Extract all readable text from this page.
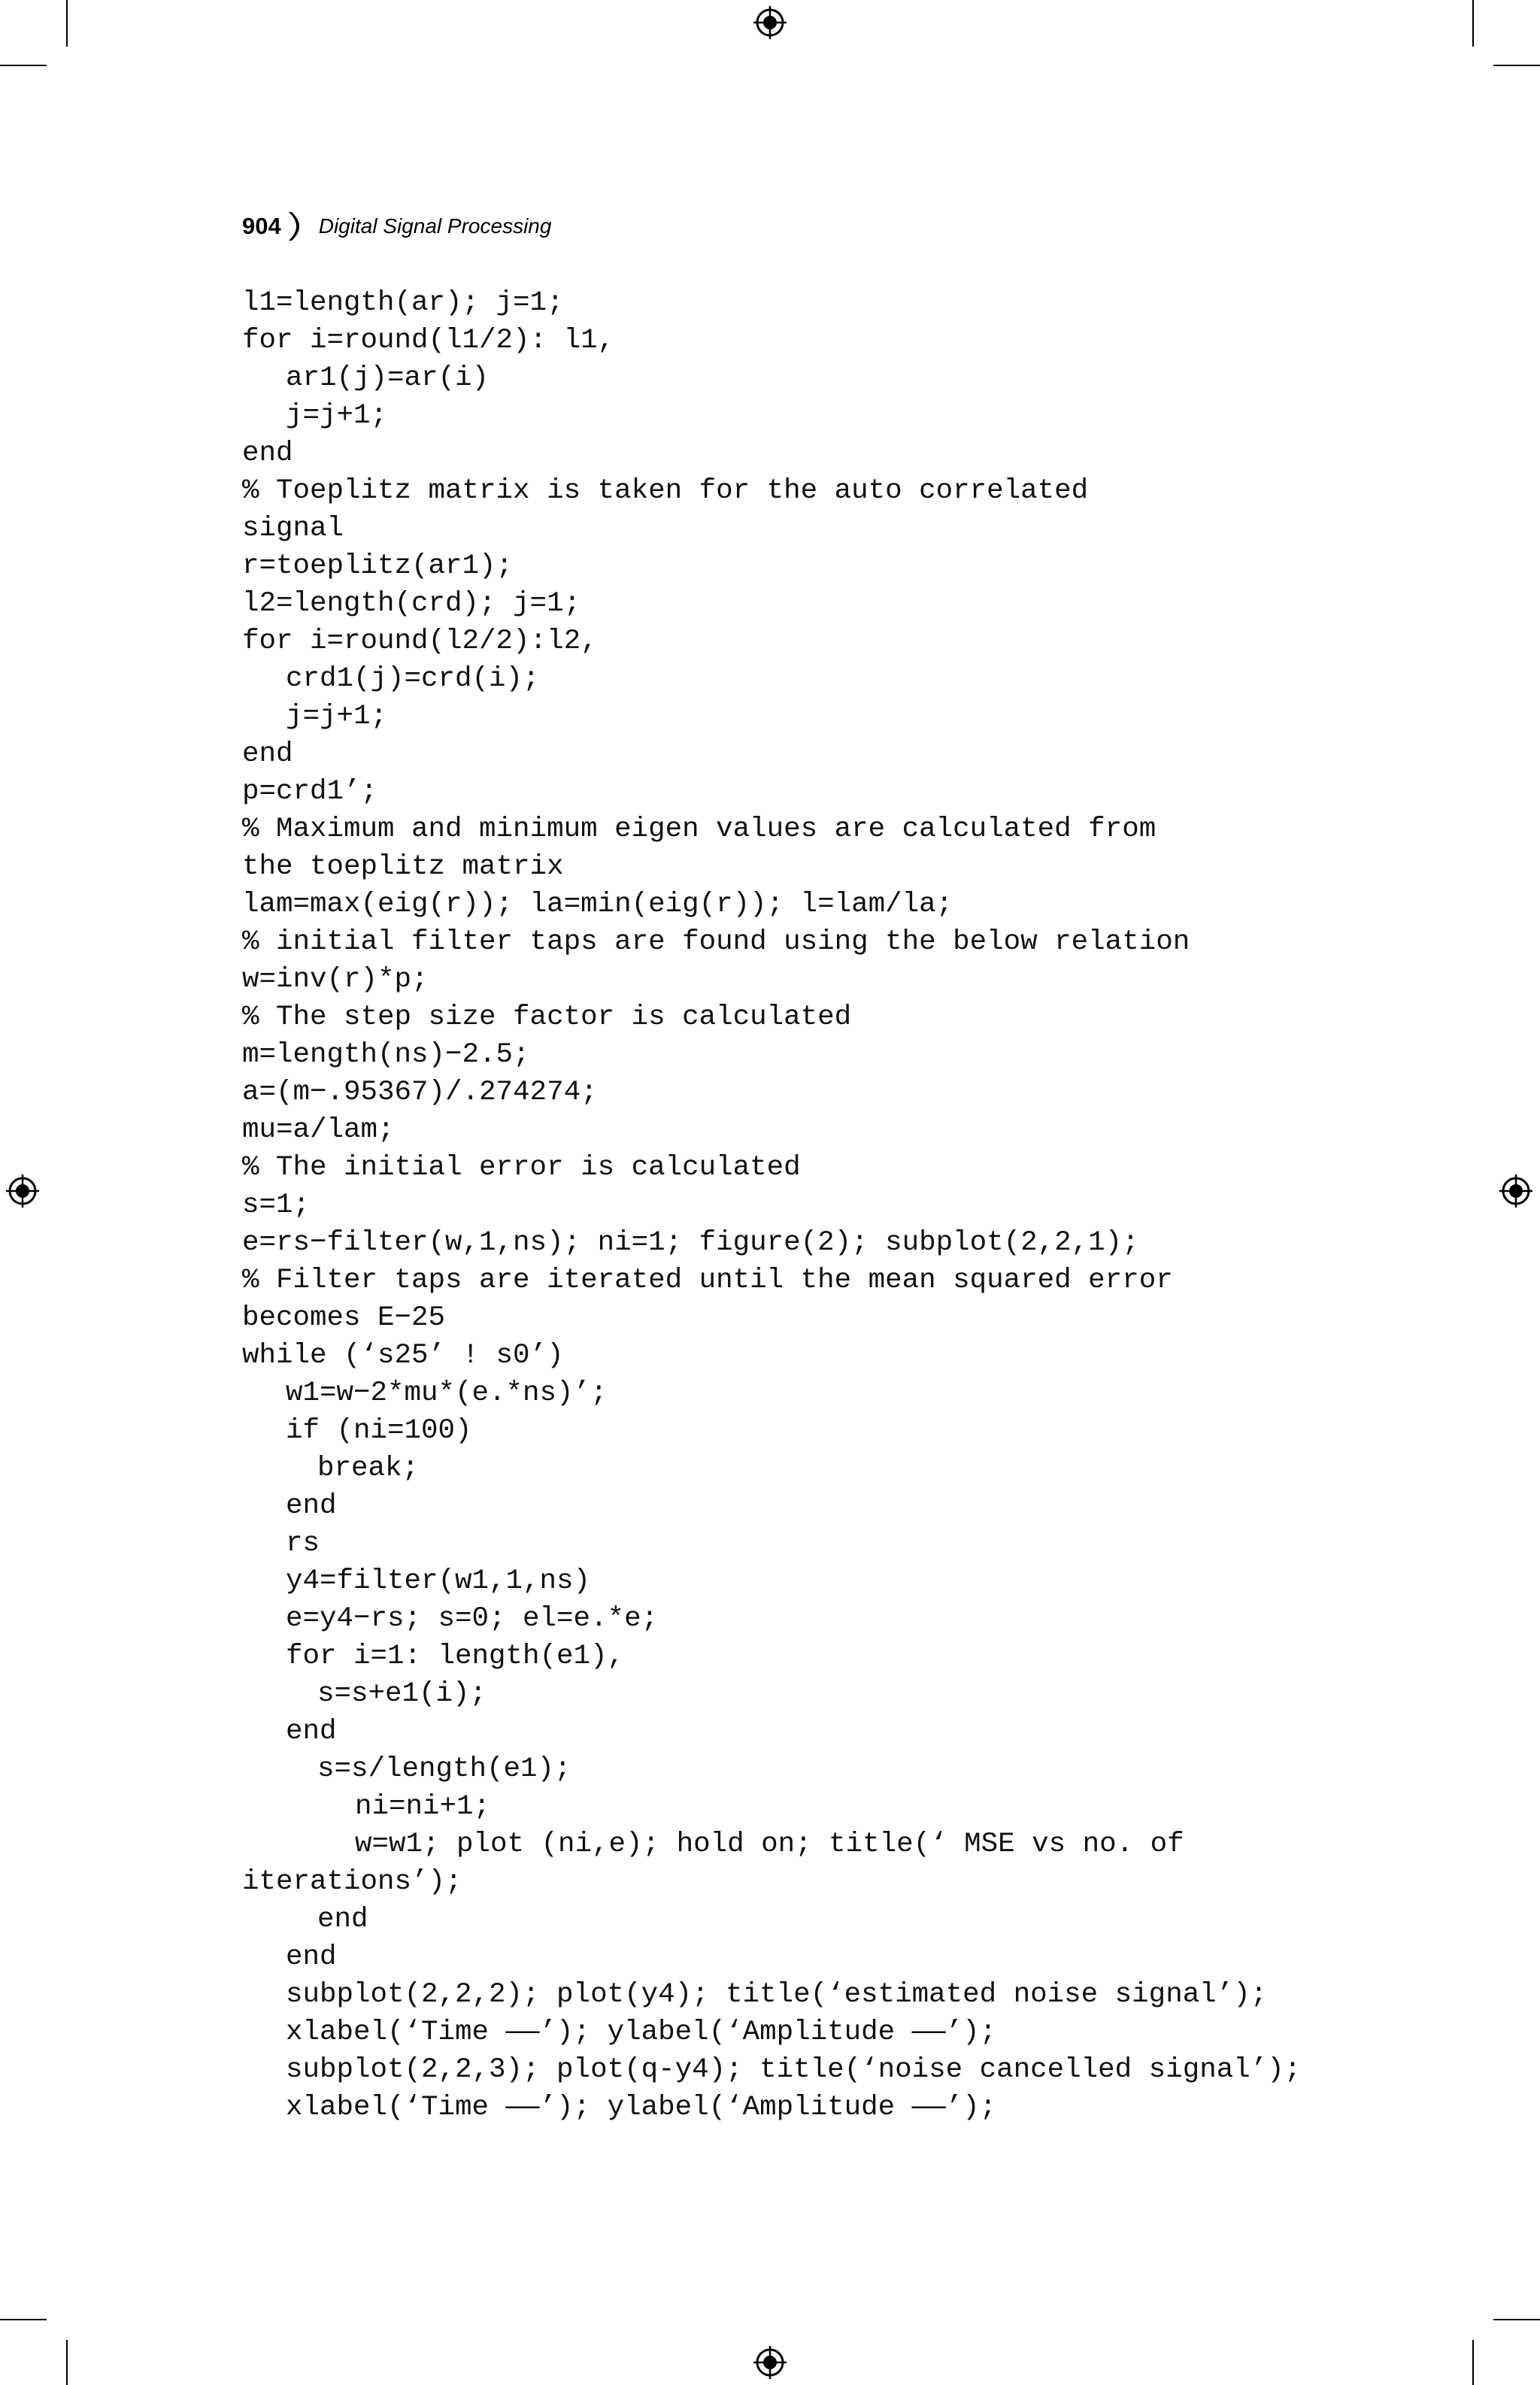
904 Digital Signal Processing
l1=length(ar); j=1;
for i=round(l1/2): l1,
ar1(j)=ar(i)
j=j+1;
end
% Toeplitz matrix is taken for the auto correlated
signal
r=toeplitz(ar1);
l2=length(crd); j=1;
for i=round(l2/2):l2,
crd1(j)=crd(i);
j=j+1;
end
p=crd1’;
% Maximum and minimum eigen values are calculated from
the toeplitz matrix
lam=max(eig(r)); la=min(eig(r)); l=lam/la;
% initial filter taps are found using the below relation
w=inv(r)*p;
% The step size factor is calculated
m=length(ns)−2.5;
a=(m−.95367)/.274274;
mu=a/lam;
% The initial error is calculated
s=1;
e=rs−filter(w,1,ns); ni=1; figure(2); subplot(2,2,1);
% Filter taps are iterated until the mean squared error
becomes E−25
while (‘s25’ ! s0’)
w1=w−2*mu*(e.*ns)’;
if (ni=100)
break;
end
rs
y4=filter(w1,1,ns)
e=y4−rs; s=0; el=e.*e;
for i=1: length(e1),
s=s+e1(i);
end
s=s/length(e1);
ni=ni+1;
w=w1; plot (ni,e); hold on; title(‘ MSE vs no. of
iterations’);
end
end
subplot(2,2,2); plot(y4); title(‘estimated noise signal’);
xlabel(‘Time ——’); ylabel(‘Amplitude ——’);
subplot(2,2,3); plot(q-y4); title(‘noise cancelled signal’);
xlabel(‘Time ——’); ylabel(‘Amplitude ——’);
